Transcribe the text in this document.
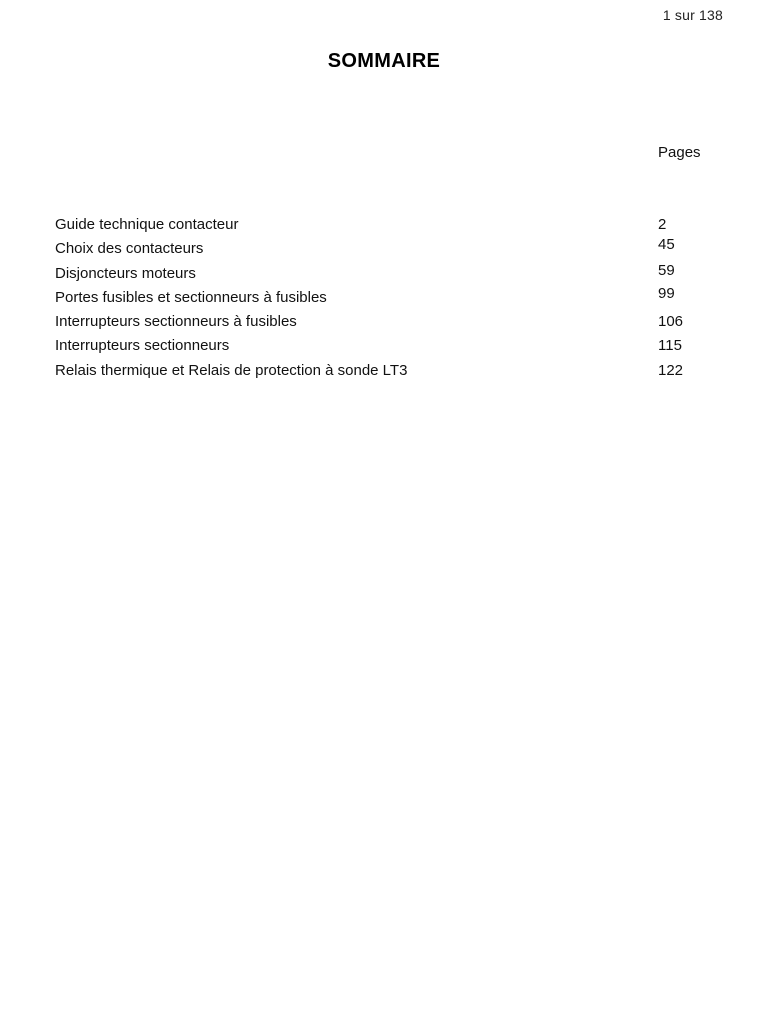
1 sur 138
SOMMAIRE
Pages
Guide technique contacteur	2
Choix des contacteurs	45
Disjoncteurs moteurs	59
Portes fusibles et sectionneurs à fusibles	99
Interrupteurs sectionneurs à fusibles	106
Interrupteurs sectionneurs	115
Relais thermique et Relais de protection à sonde LT3	122
